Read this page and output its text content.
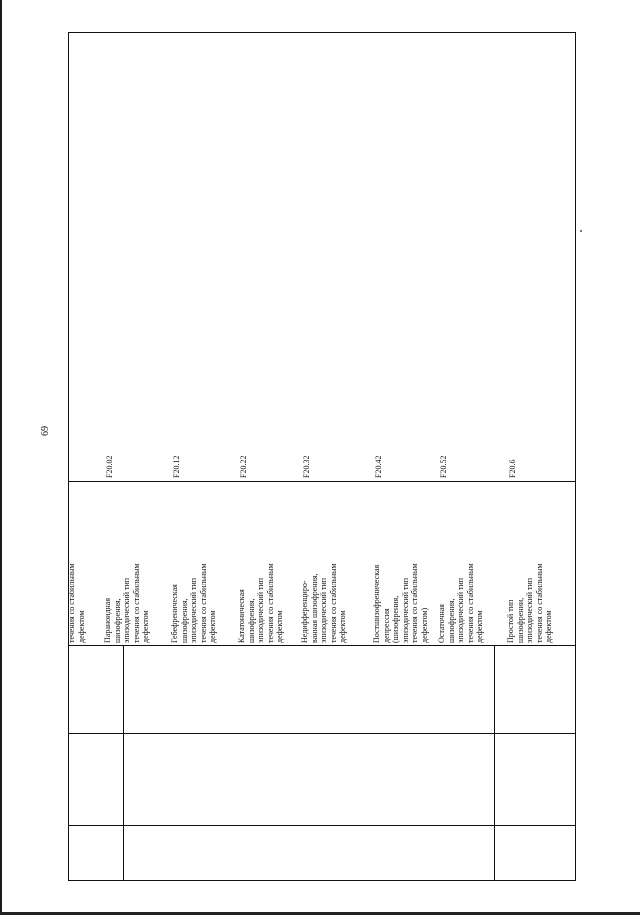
69
течения со стабильным дефектом Параноидная шизофрения, эпизодический тип течения со стабильным дефектом
F20.02
Гебефреническая шизофрения, эпизодический тип течения со стабильным дефектом
F20.12
Кататоническая шизофрения, эпизодический тип течения со стабильным дефектом
F20.22
Недифференциро- ванная шизофрения, эпизодический тип течения со стабильным дефектом
F20.32
Постшизофреническая депрессия (шизофрения, эпизодический тип течения со стабильным дефектом)
F20.42
Остаточная шизофрения, эпизодический тип течения со стабильным дефектом
F20.52
Простой тип шизофрении, эпизодический тип течения со стабильным дефектом
F20.6
